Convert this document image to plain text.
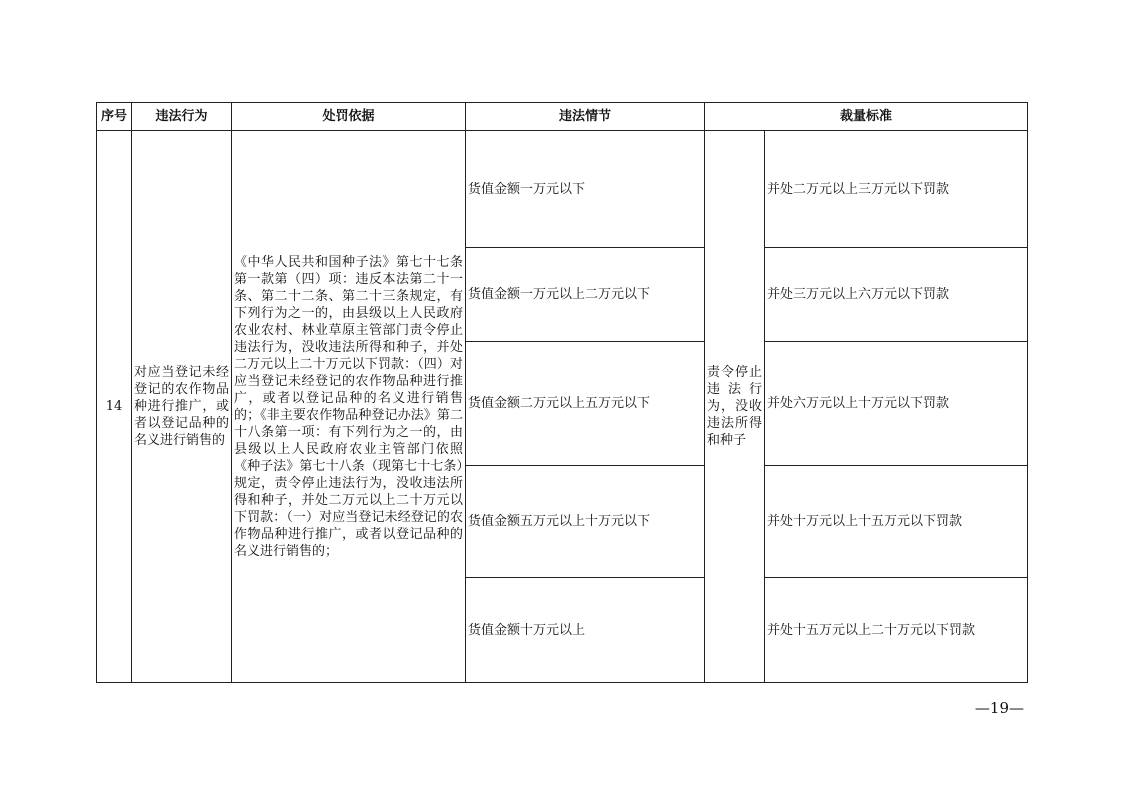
序号	违法行为	处罚依据	违法情节	裁量标准	
14	对应当登记未经登记的农作物品种进行推广，或者以登记品种的名义进行销售的	《中华人民共和国种子法》第七十七条第一款第（四）项：违反本法第二十一条、第二十二条、第二十三条规定，有下列行为之一的，由县级以上人民政府农业农村、林业草原主管部门责令停止违法行为，没收违法所得和种子，并处二万元以上二十万元以下罚款：（四）对应当登记未经登记的农作物品种进行推广，或者以登记品种的名义进行销售的；《非主要农作物品种登记办法》第二十八条第一项：有下列行为之一的，由县级以上人民政府农业主管部门依照《种子法》第七十八条（现第七十七条）规定，责令停止违法行为，没收违法所得和种子，并处二万元以上二十万元以下罚款：（一）对应当登记未经登记的农作物品种进行推广，或者以登记品种的名义进行销售的；	货值金额一万元以下	责令停止违法行为，没收违法所得和种子	并处二万元以上三万元以下罚款
			货值金额一万元以上二万元以下		并处三万元以上六万元以下罚款
			货值金额二万元以上五万元以下		并处六万元以上十万元以下罚款
			货值金额五万元以上十万元以下		并处十万元以上十五万元以下罚款
			货值金额十万元以上		并处十五万元以上二十万元以下罚款
—19—
